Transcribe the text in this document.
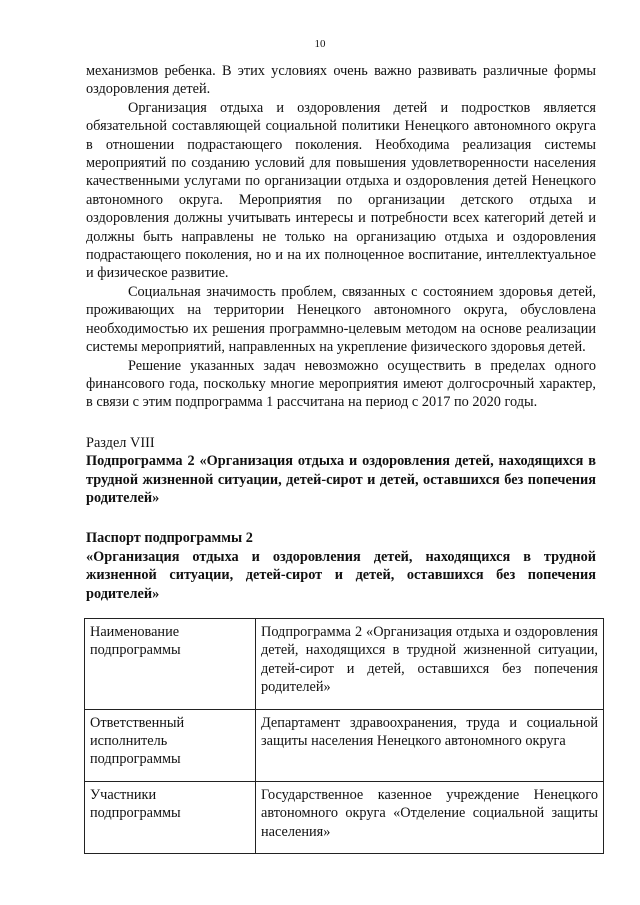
10

механизмов ребенка. В этих условиях очень важно развивать различные формы оздоровления детей.

Организация отдыха и оздоровления детей и подростков является обязательной составляющей социальной политики Ненецкого автономного округа в отношении подрастающего поколения. Необходима реализация системы мероприятий по созданию условий для повышения удовлетворенности населения качественными услугами по организации отдыха и оздоровления детей Ненецкого автономного округа. Мероприятия по организации детского отдыха и оздоровления должны учитывать интересы и потребности всех категорий детей и должны быть направлены не только на организацию отдыха и оздоровления подрастающего поколения, но и на их полноценное воспитание, интеллектуальное и физическое развитие.

Социальная значимость проблем, связанных с состоянием здоровья детей, проживающих на территории Ненецкого автономного округа, обусловлена необходимостью их решения программно-целевым методом на основе реализации системы мероприятий, направленных на укрепление физического здоровья детей.

Решение указанных задач невозможно осуществить в пределах одного финансового года, поскольку многие мероприятия имеют долгосрочный характер, в связи с этим подпрограмма 1 рассчитана на период с 2017 по 2020 годы.

Раздел VIII

Подпрограмма 2 «Организация отдыха и оздоровления детей, находящихся в трудной жизненной ситуации, детей-сирот и детей, оставшихся без попечения родителей»

Паспорт подпрограммы 2

«Организация отдыха и оздоровления детей, находящихся в трудной жизненной ситуации, детей-сирот и детей, оставшихся без попечения родителей»

Наименование подпрограммы	Подпрограмма 2 «Организация отдыха и оздоровления детей, находящихся в трудной жизненной ситуации, детей-сирот и детей, оставшихся без попечения родителей»
Ответственный исполнитель подпрограммы	Департамент здравоохранения, труда и социальной защиты населения Ненецкого автономного округа
Участники подпрограммы	Государственное казенное учреждение Ненецкого автономного округа «Отделение социальной защиты населения»
